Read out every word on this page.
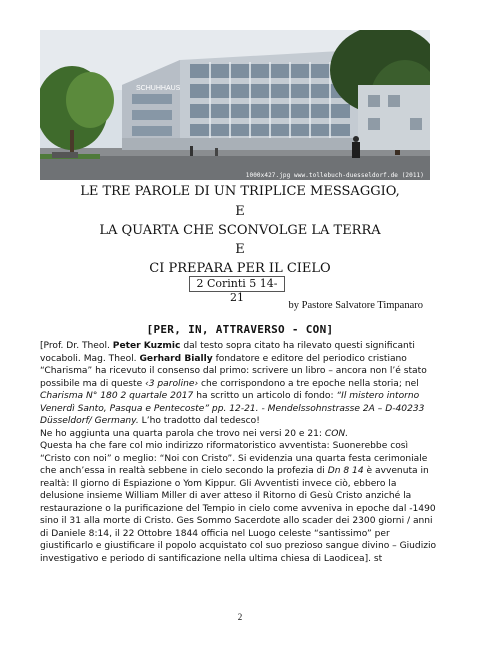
SCHUHHAUS
1000x427.jpg www.tollebuch-duesseldorf.de (2011)
LE TRE PAROLE DI UN TRIPLICE MESSAGGIO,
E
LA QUARTA CHE SCONVOLGE LA TERRA
E
CI PREPARA PER IL CIELO
2 Corinti 5 14-21
by Pastore Salvatore Timpanaro
[PER, IN, ATTRAVERSO - CON]

[Prof. Dr. Theol. Peter Kuzmic dal testo sopra citato ha rilevato questi significanti vocaboli. Mag. Theol. Gerhard Bially fondatore e editore del periodico cristiano “Charisma” ha ricevuto il consenso dal primo: scrivere un libro – ancora non l’é stato possibile ma di queste ‹3 paroline› che corrispondono a tre epoche nella storia; nel Charisma N° 180 2 quartale 2017 ha scritto un articolo di fondo: “Il mistero intorno Venerdì Santo, Pasqua e Pentecoste” pp. 12-21. - Mendelssohnstrasse 2A – D-40233 Düsseldorf/ Germany. L’ho tradotto dal tedesco!

Ne ho aggiunta una quarta parola che trovo nei versi 20 e 21: CON.

Questa ha che fare col mio indirizzo riformatoristico avventista: Suonerebbe così “Cristo con noi” o meglio: “Noi con Cristo”. Si evidenzia una quarta festa cerimoniale che anch’essa in realtà sebbene in cielo secondo la profezia di Dn 8 14 è avvenuta in realtà: Il giorno di Espiazione o Yom Kippur. Gli Avventisti invece ciò, ebbero la delusione insieme William Miller di aver atteso il Ritorno di Gesù Cristo anziché la restaurazione o la purificazione del Tempio in cielo come avveniva in epoche dal -1490 sino il 31 alla morte di Cristo. Ges Sommo Sacerdote allo scader dei 2300 giorni / anni di Daniele 8:14, il 22 Ottobre 1844 officia nel Luogo celeste “santissimo” per giustificarlo e giustificare il popolo acquistato col suo prezioso sangue divino – Giudizio investigativo e periodo di santificazione nella ultima chiesa di Laodicea]. st

2
